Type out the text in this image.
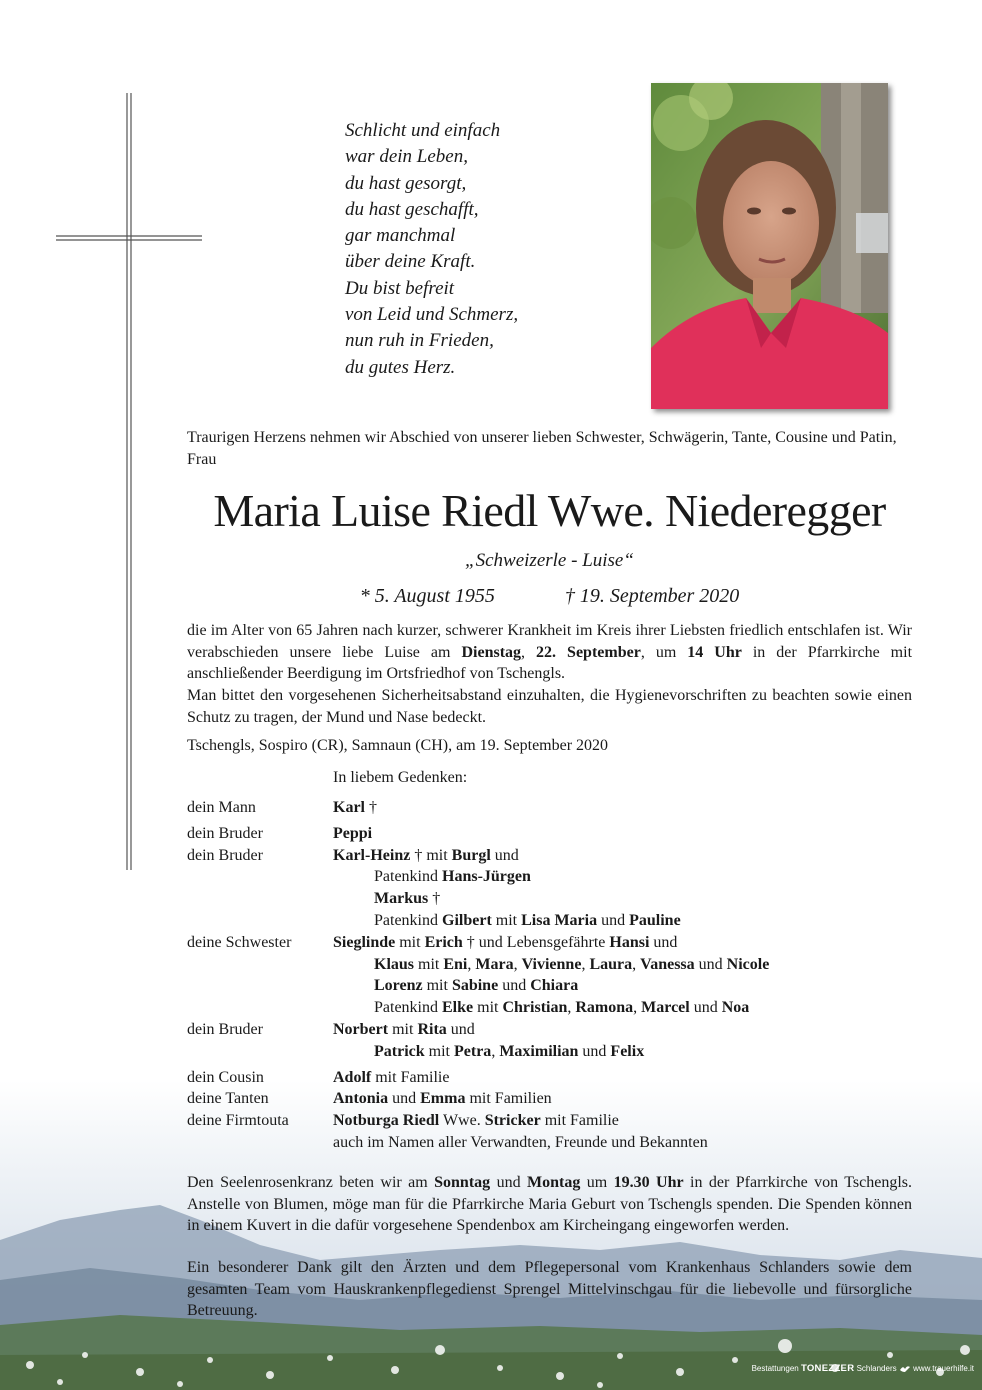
Schlicht und einfach
war dein Leben,
du hast gesorgt,
du hast geschafft,
gar manchmal
über deine Kraft.
Du bist befreit
von Leid und Schmerz,
nun ruh in Frieden,
du gutes Herz.
Traurigen Herzens nehmen wir Abschied von unserer lieben Schwester, Schwägerin, Tante, Cousine und Patin, Frau
Maria Luise Riedl Wwe. Niederegger
„Schweizerle - Luise“
* 5. August 1955	† 19. September 2020
die im Alter von 65 Jahren nach kurzer, schwerer Krankheit im Kreis ihrer Liebsten friedlich entschlafen ist. Wir verabschieden unsere liebe Luise am Dienstag, 22. September, um 14 Uhr in der Pfarrkirche mit anschließender Beerdigung im Ortsfriedhof von Tschengls.
Man bittet den vorgesehenen Sicherheitsabstand einzuhalten, die Hygienevorschriften zu beachten sowie einen Schutz zu tragen, der Mund und Nase bedeckt.
Tschengls, Sospiro (CR), Samnaun (CH), am 19. September 2020
In liebem Gedenken:
dein Mann	Karl †
dein Bruder	Peppi
dein Bruder	Karl-Heinz † mit Burgl und
Patenkind Hans-Jürgen
Markus †
Patenkind Gilbert mit Lisa Maria und Pauline
deine Schwester	Sieglinde mit Erich † und Lebensgefährte Hansi und
Klaus mit Eni, Mara, Vivienne, Laura, Vanessa und Nicole
Lorenz mit Sabine und Chiara
Patenkind Elke mit Christian, Ramona, Marcel und Noa
dein Bruder	Norbert mit Rita und
Patrick mit Petra, Maximilian und Felix
dein Cousin	Adolf mit Familie
deine Tanten	Antonia und Emma mit Familien
deine Firmtouta	Notburga Riedl Wwe. Stricker mit Familie
auch im Namen aller Verwandten, Freunde und Bekannten
Den Seelenrosenkranz beten wir am Sonntag und Montag um 19.30 Uhr in der Pfarrkirche von Tschengls. Anstelle von Blumen, möge man für die Pfarrkirche Maria Geburt von Tschengls spenden. Die Spenden können in einem Kuvert in die dafür vorgesehene Spendenbox am Kircheingang eingeworfen werden.
Ein besonderer Dank gilt den Ärzten und dem Pflegepersonal vom Krankenhaus Schlanders sowie dem gesamten Team vom Hauskrankenpflegedienst Sprengel Mittelvinschgau für die liebevolle und fürsorgliche Betreuung.
Bestattungen TONEZZER Schlanders www.trauerhilfe.it
